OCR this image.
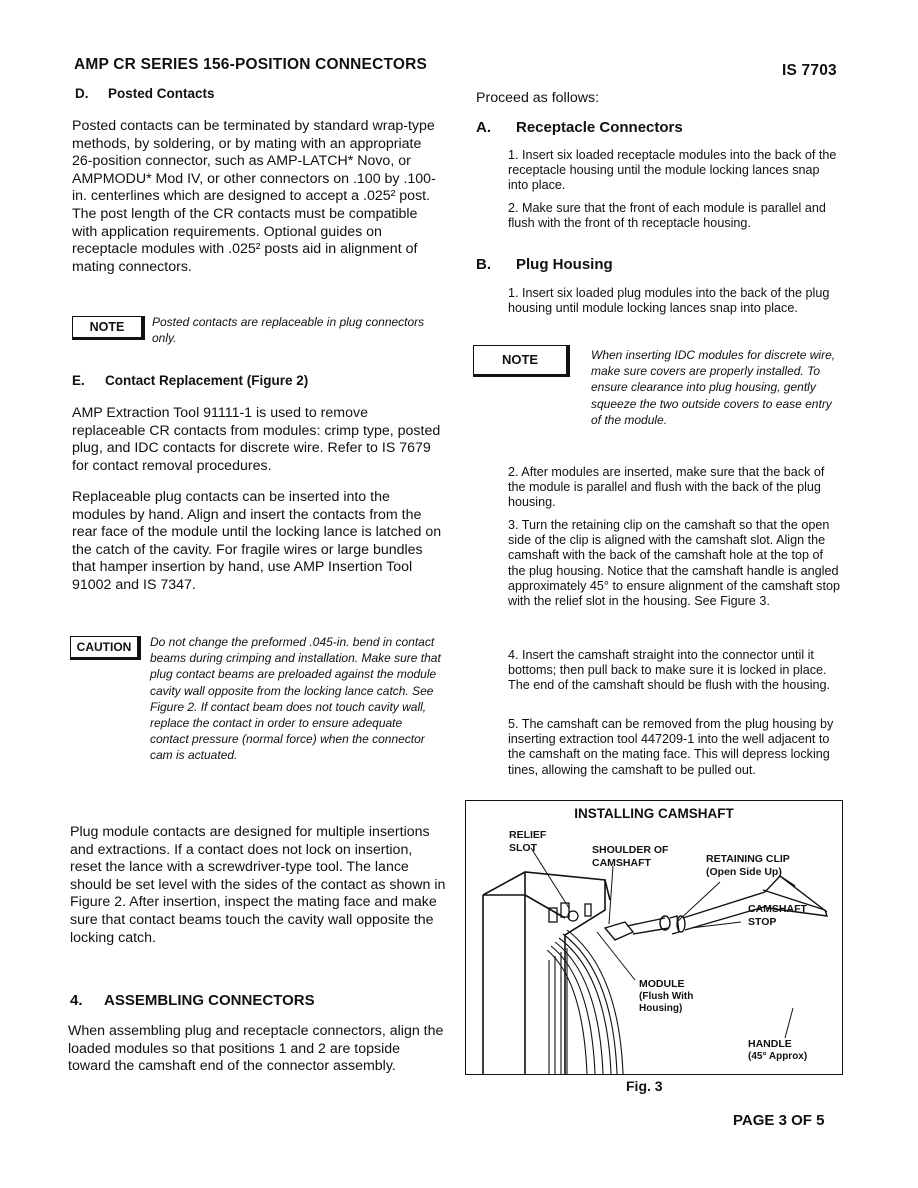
AMP CR SERIES 156-POSITION CONNECTORS	IS 7703
D. Posted Contacts
Posted contacts can be terminated by standard wrap-type methods, by soldering, or by mating with an appropriate 26-position connector, such as AMP-LATCH* Novo, or AMPMODU* Mod IV, or other connectors on .100 by .100-in. centerlines which are designed to accept a .025² post. The post length of the CR contacts must be compatible with application requirements. Optional guides on receptacle modules with .025² posts aid in alignment of mating connectors.
NOTE	Posted contacts are replaceable in plug connectors only.
E. Contact Replacement (Figure 2)
AMP Extraction Tool 91111-1 is used to remove replaceable CR contacts from modules: crimp type, posted plug, and IDC contacts for discrete wire. Refer to IS 7679 for contact removal procedures.
Replaceable plug contacts can be inserted into the modules by hand. Align and insert the contacts from the rear face of the module until the locking lance is latched on the catch of the cavity. For fragile wires or large bundles that hamper insertion by hand, use AMP Insertion Tool 91002 and IS 7347.
CAUTION	Do not change the preformed .045-in. bend in contact beams during crimping and installation. Make sure that plug contact beams are preloaded against the module cavity wall opposite from the locking lance catch. See Figure 2. If contact beam does not touch cavity wall, replace the contact in order to ensure adequate contact pressure (normal force) when the connector cam is actuated.
Plug module contacts are designed for multiple insertions and extractions. If a contact does not lock on insertion, reset the lance with a screwdriver-type tool. The lance should be set level with the sides of the contact as shown in Figure 2. After insertion, inspect the mating face and make sure that contact beams touch the cavity wall opposite the locking catch.
4. ASSEMBLING CONNECTORS
When assembling plug and receptacle connectors, align the loaded modules so that positions 1 and 2 are topside toward the camshaft end of the connector assembly.
Proceed as follows:
A. Receptacle Connectors
1. Insert six loaded receptacle modules into the back of the receptacle housing until the module locking lances snap into place.
2. Make sure that the front of each module is parallel and flush with the front of th receptacle housing.
B. Plug Housing
1. Insert six loaded plug modules into the back of the plug housing until module locking lances snap into place.
NOTE	When inserting IDC modules for discrete wire, make sure covers are properly installed. To ensure clearance into plug housing, gently squeeze the two outside covers to ease entry of the module.
2. After modules are inserted, make sure that the back of the module is parallel and flush with the back of the plug housing.
3. Turn the retaining clip on the camshaft so that the open side of the clip is aligned with the camshaft slot. Align the camshaft with the back of the camshaft hole at the top of the plug housing. Notice that the camshaft handle is angled approximately 45° to ensure alignment of the camshaft stop with the relief slot in the housing. See Figure 3.
4. Insert the camshaft straight into the connector until it bottoms; then pull back to make sure it is locked in place. The end of the camshaft should be flush with the housing.
5. The camshaft can be removed from the plug housing by inserting extraction tool 447209-1 into the well adjacent to the camshaft on the mating face. This will depress locking tines, allowing the camshaft to be pulled out.
INSTALLING CAMSHAFT
RELIEF
SLOT	SHOULDER OF
CAMSHAFT	RETAINING CLIP
(Open Side Up)
CAMSHAFT
STOP
MODULE
(Flush With
Housing)
HANDLE
(45° Approx)
Fig. 3
PAGE 3 OF 5
